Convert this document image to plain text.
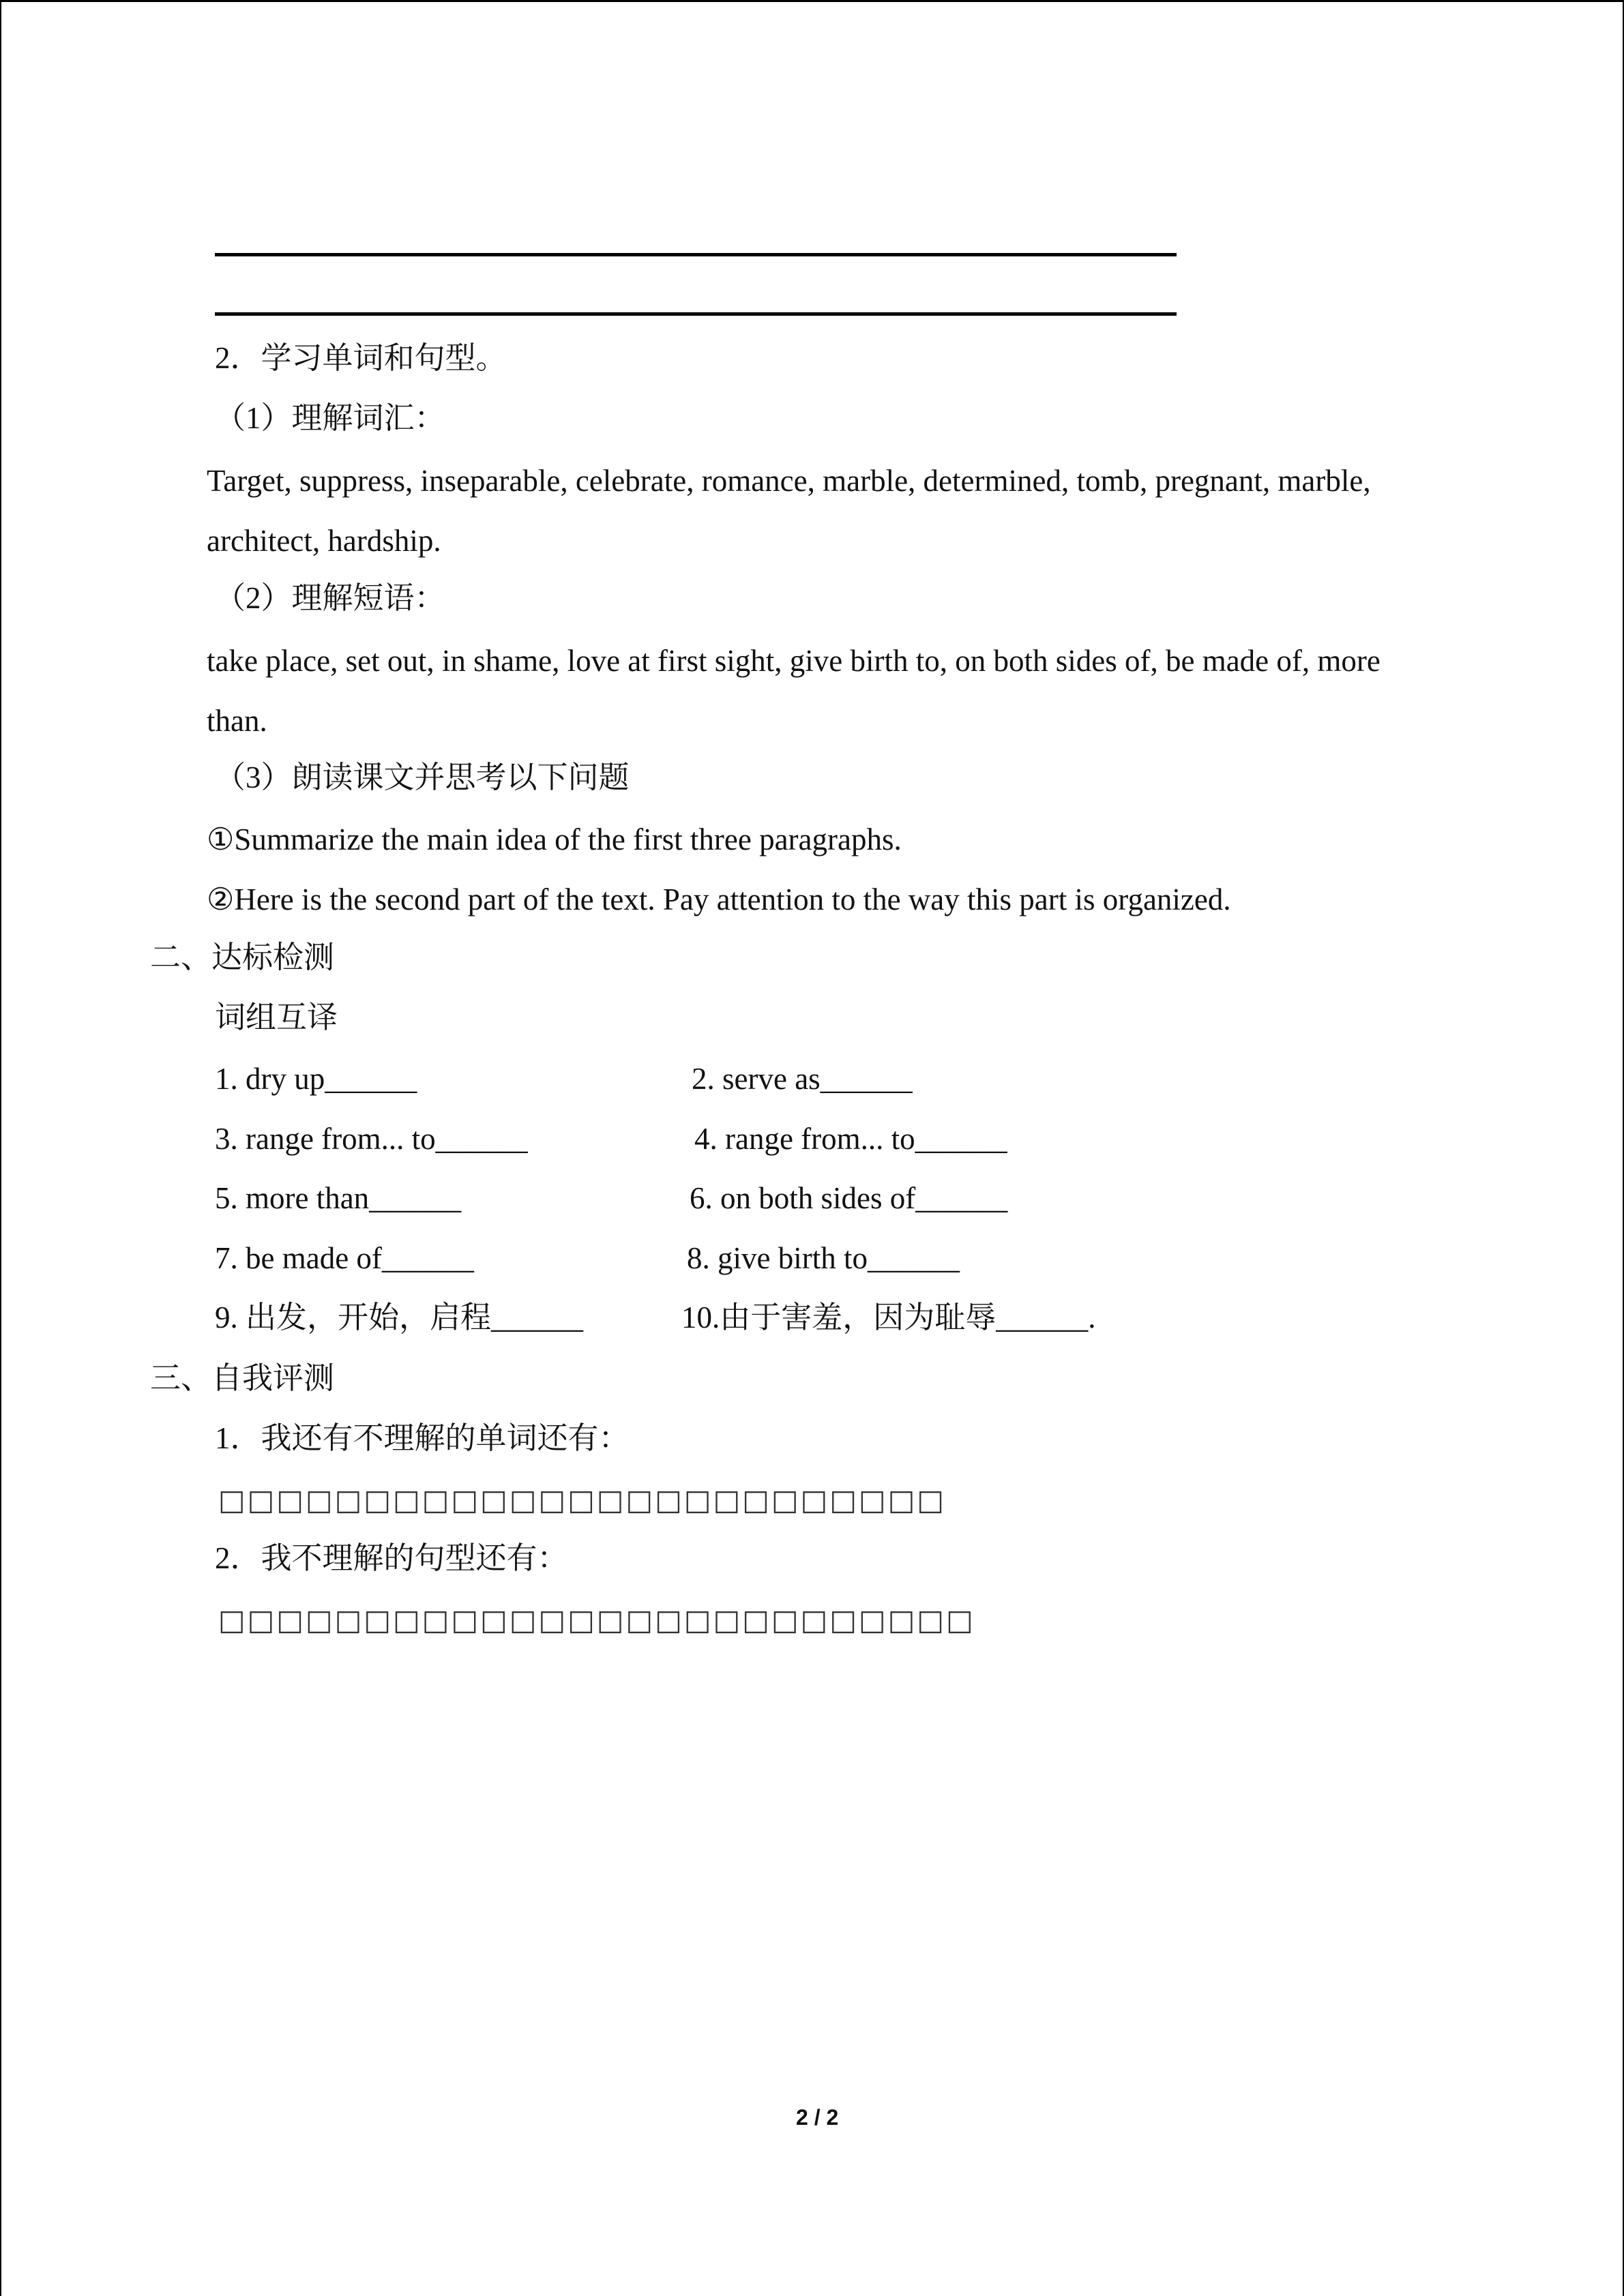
2．学习单词和句型。
（1）理解词汇：
Target, suppress, inseparable, celebrate, romance, marble, determined, tomb, pregnant, marble,
architect, hardship.
（2）理解短语：
take place, set out, in shame, love at first sight, give birth to, on both sides of, be made of, more
than.
（3）朗读课文并思考以下问题
①Summarize the main idea of the first three paragraphs.
②Here is the second part of the text. Pay attention to the way this part is organized.
二、达标检测
词组互译
1. dry up______	2. serve as______
3. range from... to______	4. range from... to______
5. more than______	6. on both sides of______
7. be made of______	8. give birth to______
9. 出发，开始，启程______	10.由于害羞，因为耻辱______.
三、自我评测
1．我还有不理解的单词还有：
□□□□□□□□□□□□□□□□□□□□□□□□□
2．我不理解的句型还有：
□□□□□□□□□□□□□□□□□□□□□□□□□□
2 / 2
